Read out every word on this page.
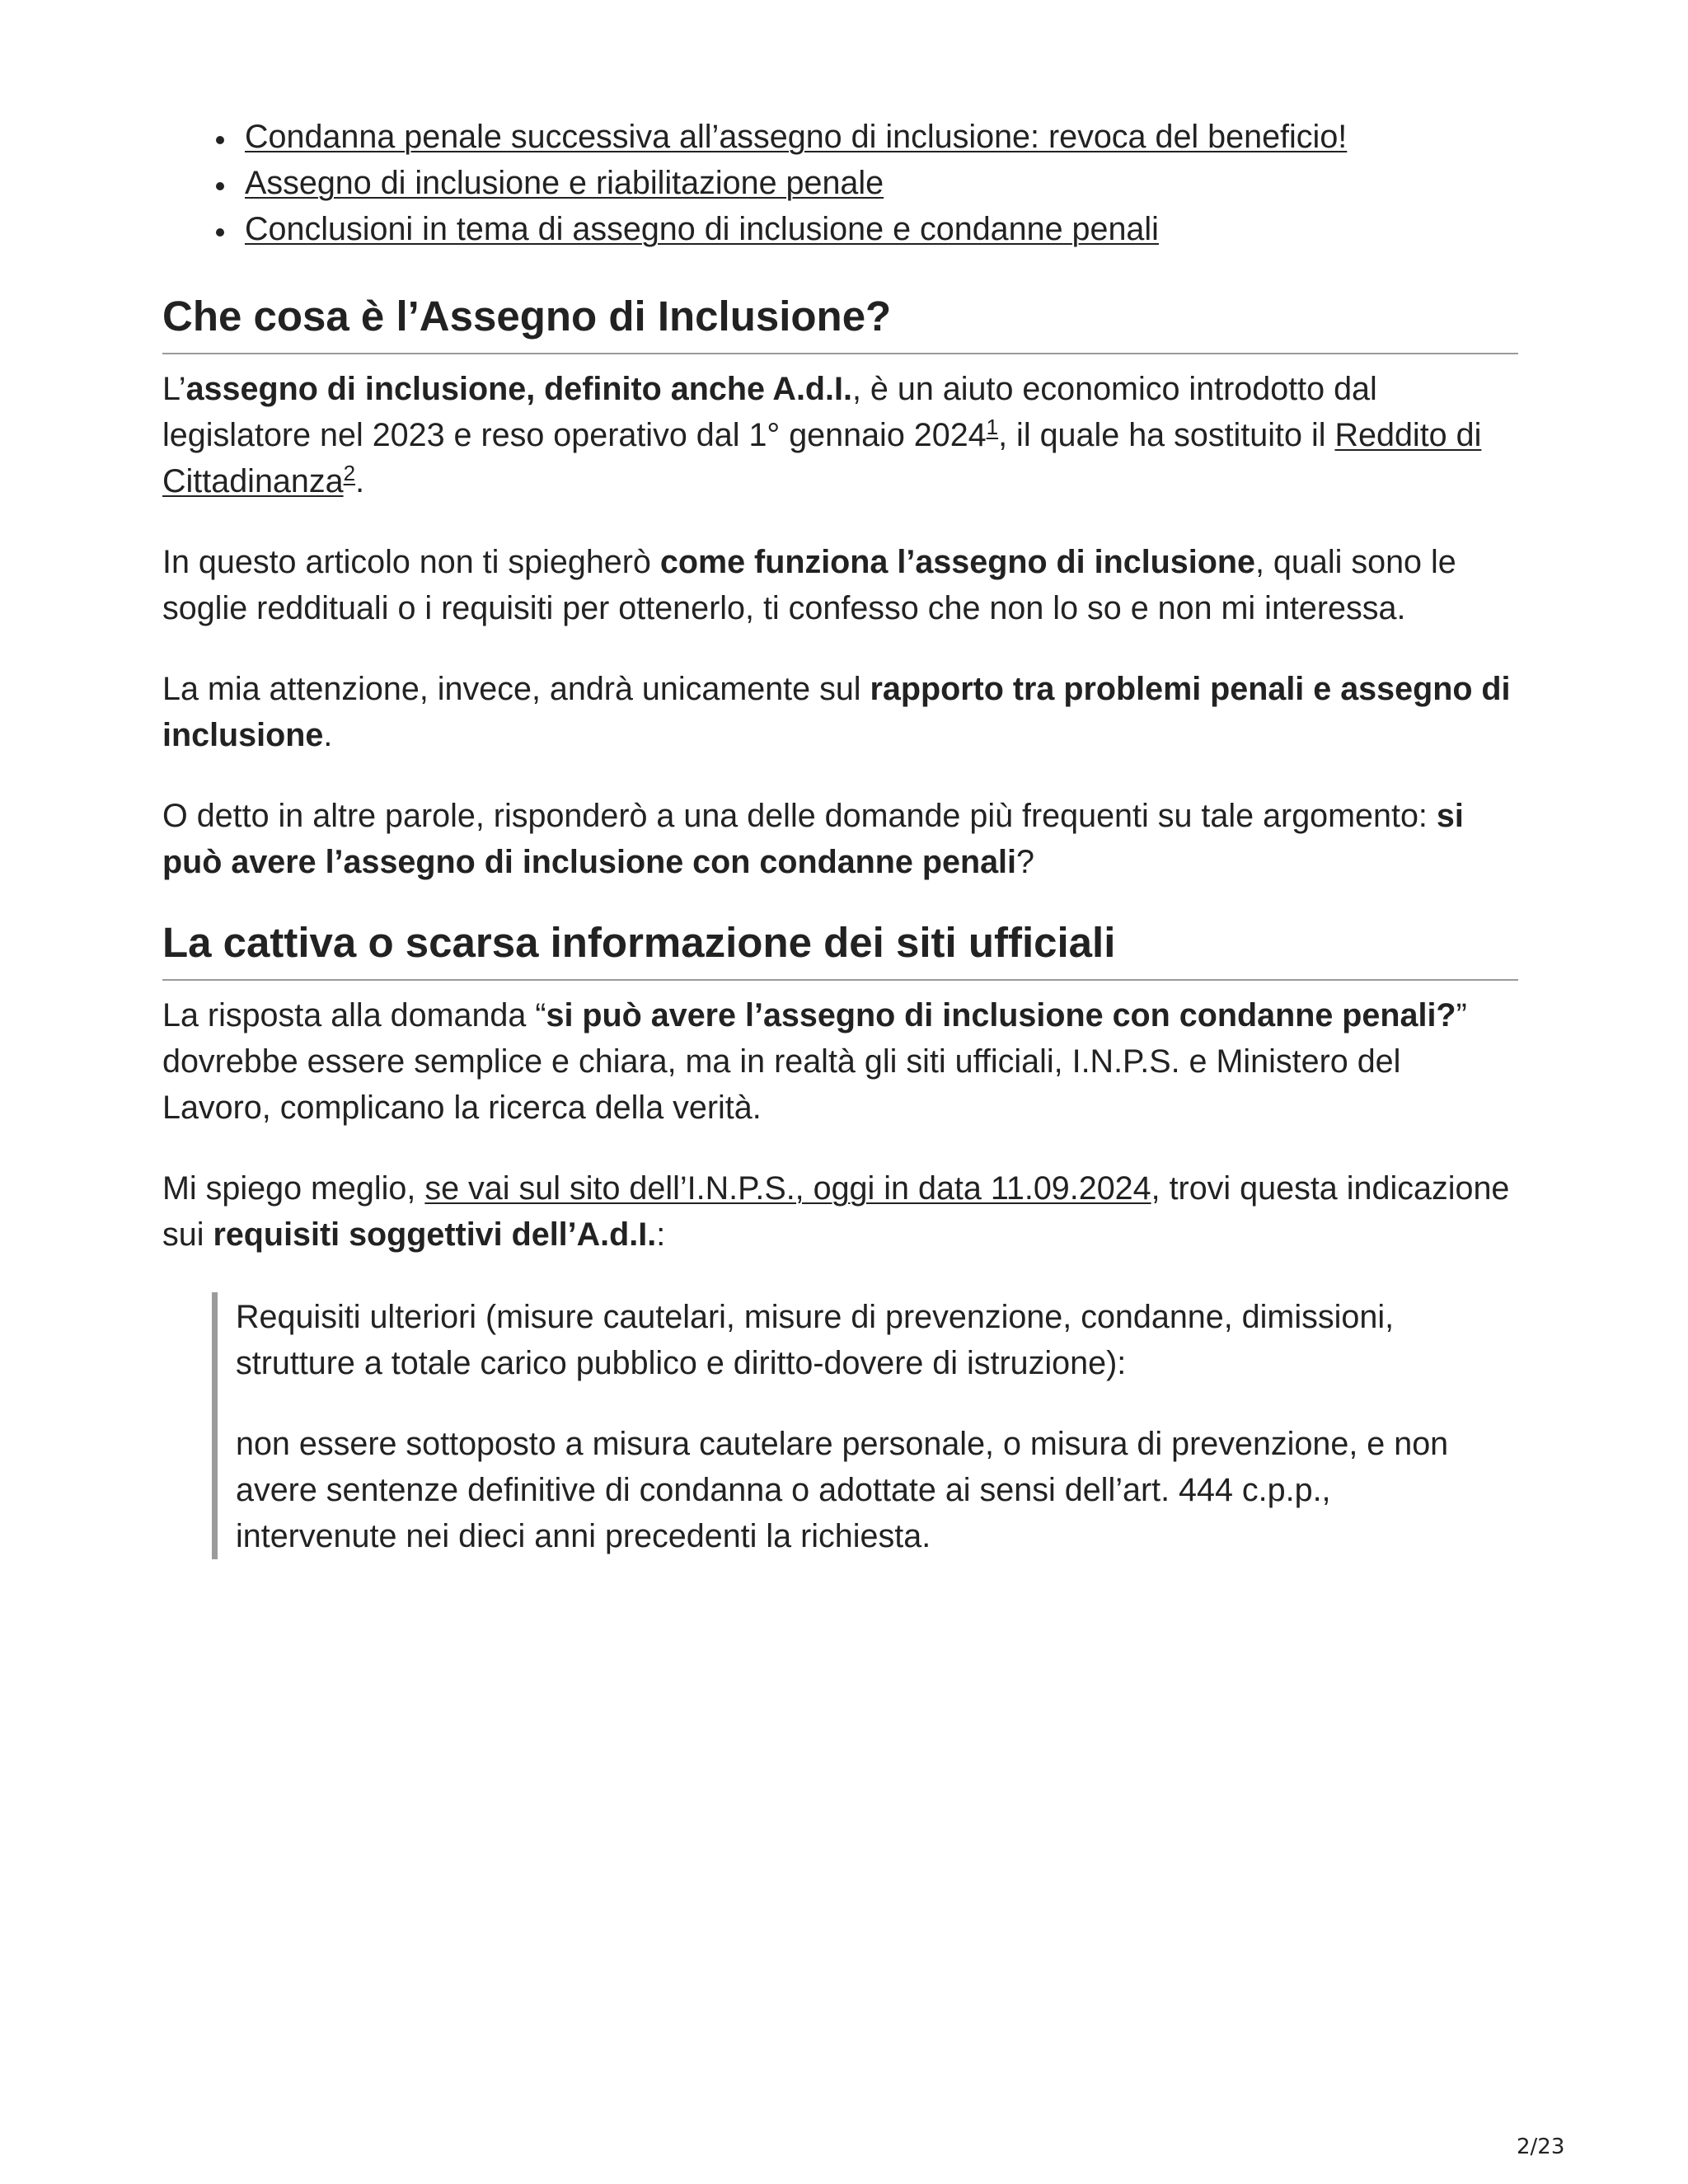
Condanna penale successiva all’assegno di inclusione: revoca del beneficio!
Assegno di inclusione e riabilitazione penale
Conclusioni in tema di assegno di inclusione e condanne penali
Che cosa è l’Assegno di Inclusione?

L’assegno di inclusione, definito anche A.d.I., è un aiuto economico introdotto dal legislatore nel 2023 e reso operativo dal 1° gennaio 2024$^1$, il quale ha sostituito il Reddito di Cittadinanza$^2$.

In questo articolo non ti spiegherò come funziona l’assegno di inclusione, quali sono le soglie reddituali o i requisiti per ottenerlo, ti confesso che non lo so e non mi interessa.

La mia attenzione, invece, andrà unicamente sul rapporto tra problemi penali e assegno di inclusione.

O detto in altre parole, risponderò a una delle domande più frequenti su tale argomento: si può avere l’assegno di inclusione con condanne penali?

La cattiva o scarsa informazione dei siti ufficiali

La risposta alla domanda “si può avere l’assegno di inclusione con condanne penali?” dovrebbe essere semplice e chiara, ma in realtà gli siti ufficiali, I.N.P.S. e Ministero del Lavoro, complicano la ricerca della verità.

Mi spiego meglio, se vai sul sito dell’I.N.P.S., oggi in data 11.09.2024, trovi questa indicazione sui requisiti soggettivi dell’A.d.I.:

Requisiti ulteriori (misure cautelari, misure di prevenzione, condanne, dimissioni, strutture a totale carico pubblico e diritto-dovere di istruzione):

non essere sottoposto a misura cautelare personale, o misura di prevenzione, e non avere sentenze definitive di condanna o adottate ai sensi dell’art. 444 c.p.p., intervenute nei dieci anni precedenti la richiesta.

2/23
